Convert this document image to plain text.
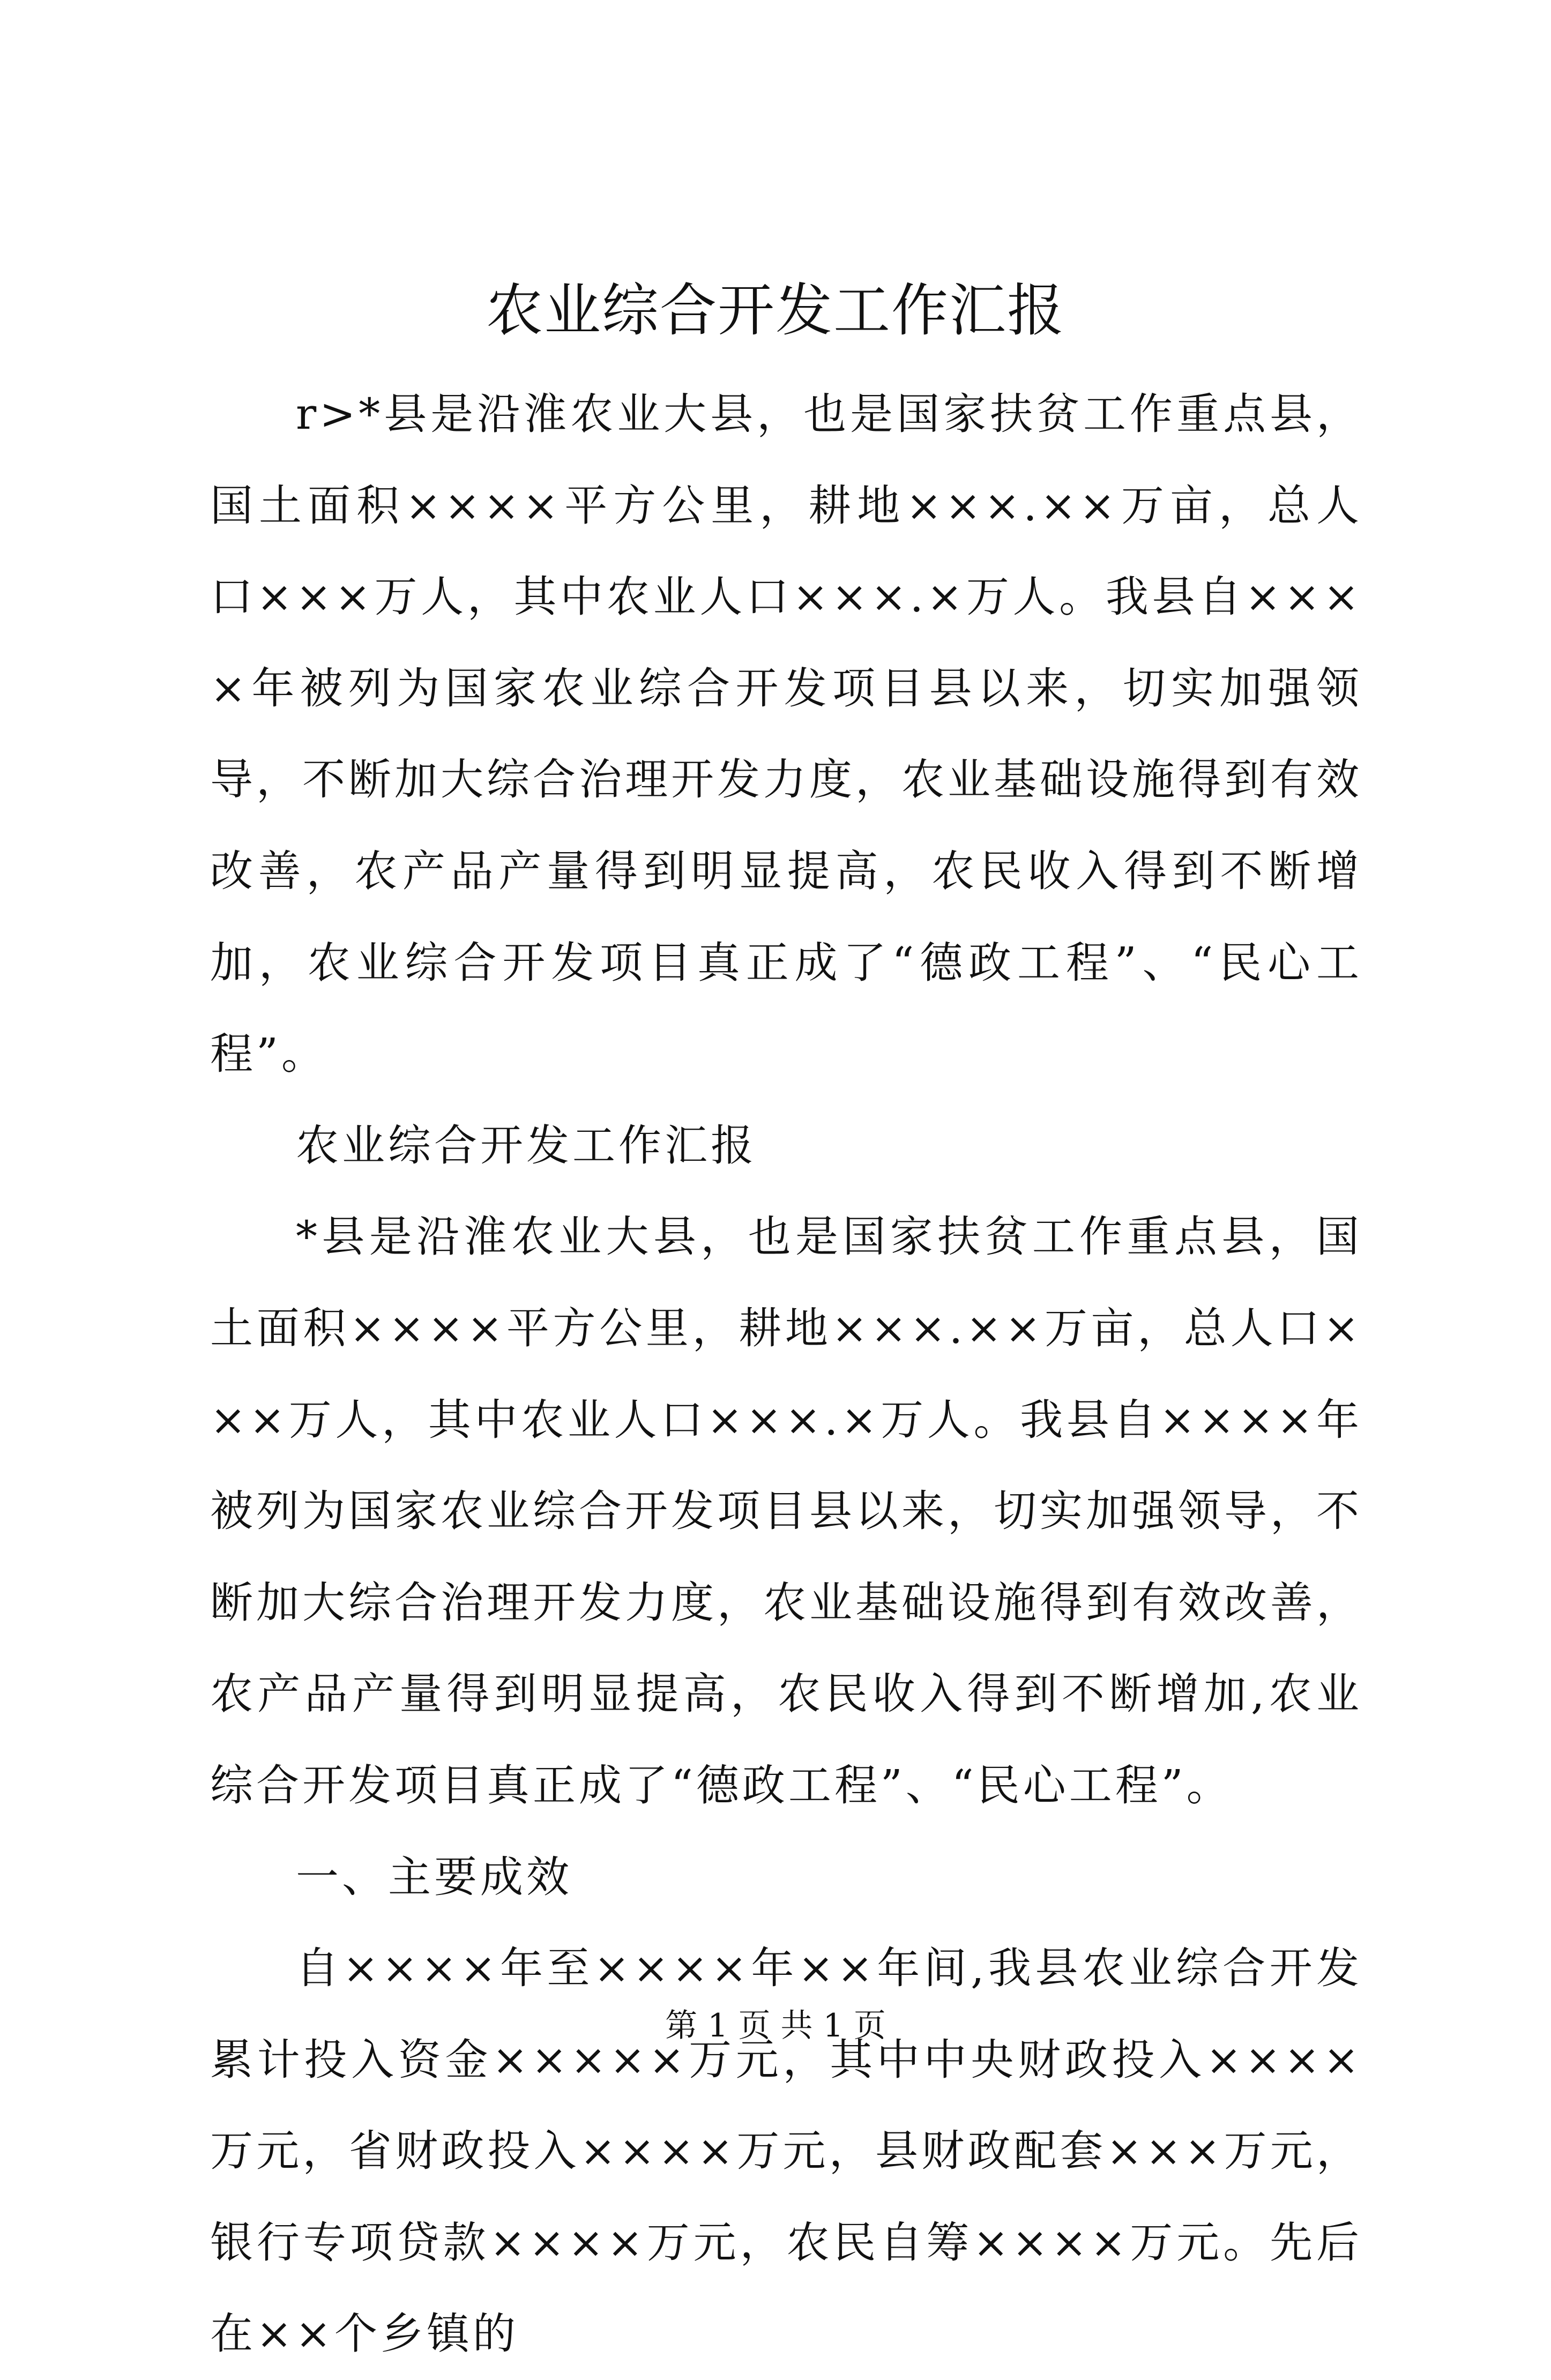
农业综合开发工作汇报

r>*县是沿淮农业大县，也是国家扶贫工作重点县，国土面积××××平方公里，耕地×××.××万亩，总人口×××万人，其中农业人口×××.×万人。我县自××××年被列为国家农业综合开发项目县以来，切实加强领导，不断加大综合治理开发力度，农业基础设施得到有效改善，农产品产量得到明显提高，农民收入得到不断增加，农业综合开发项目真正成了“德政工程”、“民心工程”。

农业综合开发工作汇报

*县是沿淮农业大县，也是国家扶贫工作重点县，国土面积××××平方公里，耕地×××.××万亩，总人口×××万人，其中农业人口×××.×万人。我县自××××年被列为国家农业综合开发项目县以来，切实加强领导，不断加大综合治理开发力度，农业基础设施得到有效改善，农产品产量得到明显提高，农民收入得到不断增加,农业综合开发项目真正成了“德政工程”、“民心工程”。

一、主要成效

自××××年至××××年××年间,我县农业综合开发累计投入资金×××××万元，其中中央财政投入××××万元，省财政投入××××万元，县财政配套×××万元，银行专项贷款××××万元，农民自筹××××万元。先后在××个乡镇的

第 1 页 共 1 页
